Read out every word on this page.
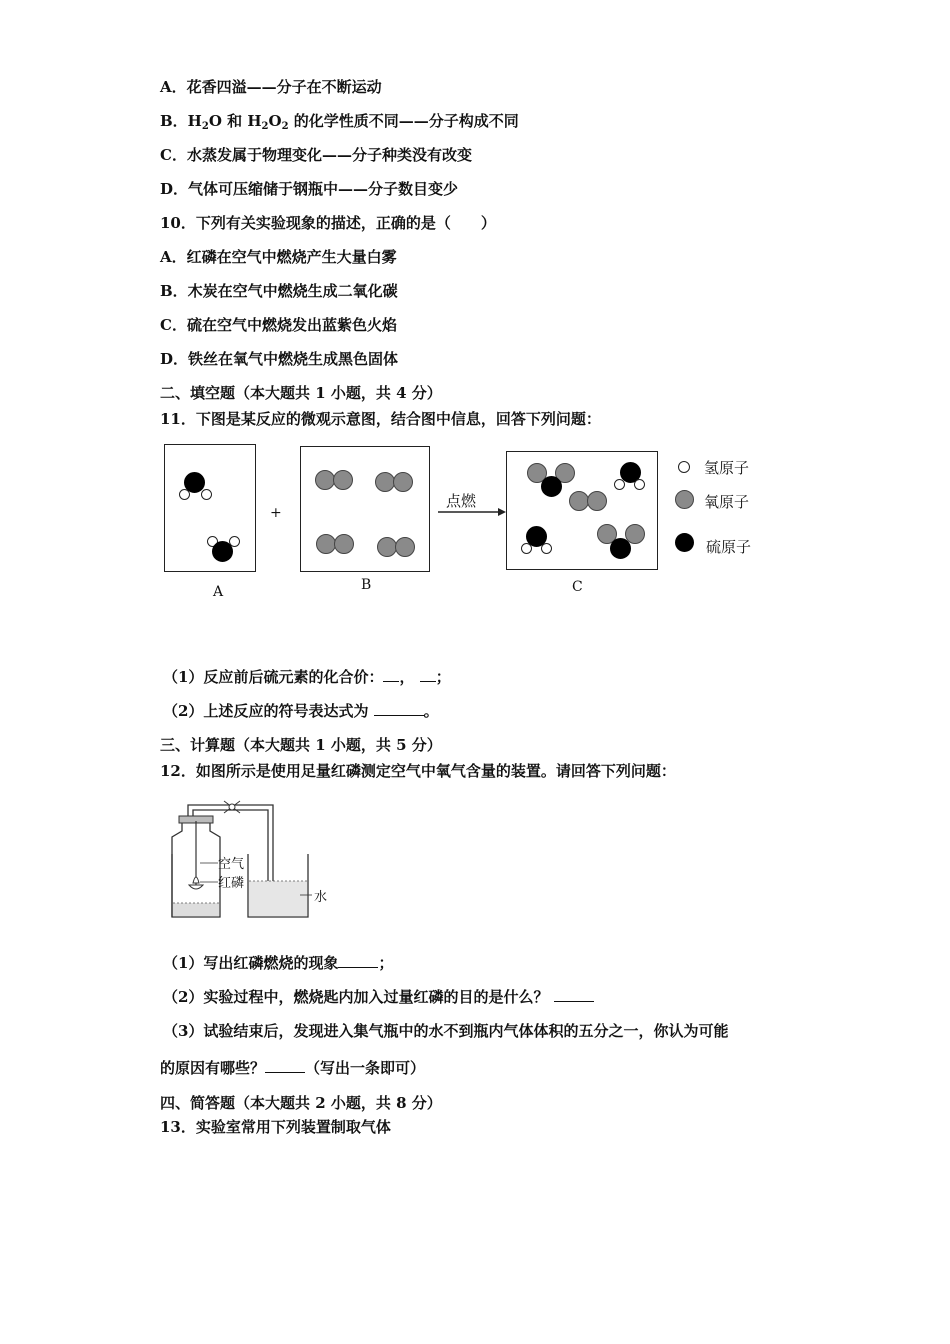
A．花香四溢——分子在不断运动
B．$H_2O$ 和 $H_2O_2$ 的化学性质不同——分子构成不同
C．水蒸发属于物理变化——分子种类没有改变
D．气体可压缩储于钢瓶中——分子数目变少
10．下列有关实验现象的描述，正确的是（　　）
A．红磷在空气中燃烧产生大量白雾
B．木炭在空气中燃烧生成二氧化碳
C．硫在空气中燃烧发出蓝紫色火焰
D．铁丝在氧气中燃烧生成黑色固体
二、填空题（本大题共 1 小题，共 4 分）
11．下图是某反应的微观示意图，结合图中信息，回答下列问题：
A
+
B
点燃
C
氢原子
氧原子
硫原子
（1）反应前后硫元素的化合价： ， ；
（2）上述反应的符号表达式为	。
三、计算题（本大题共 1 小题，共 5 分）
12．如图所示是使用足量红磷测定空气中氧气含量的装置。请回答下列问题：
空气
红磷
水
（1）写出红磷燃烧的现象	；
（2）实验过程中，燃烧匙内加入过量红磷的目的是什么？
（3）试验结束后，发现进入集气瓶中的水不到瓶内气体体积的五分之一，你认为可能
的原因有哪些？	（写出一条即可）
四、简答题（本大题共 2 小题，共 8 分）
13．实验室常用下列装置制取气体
